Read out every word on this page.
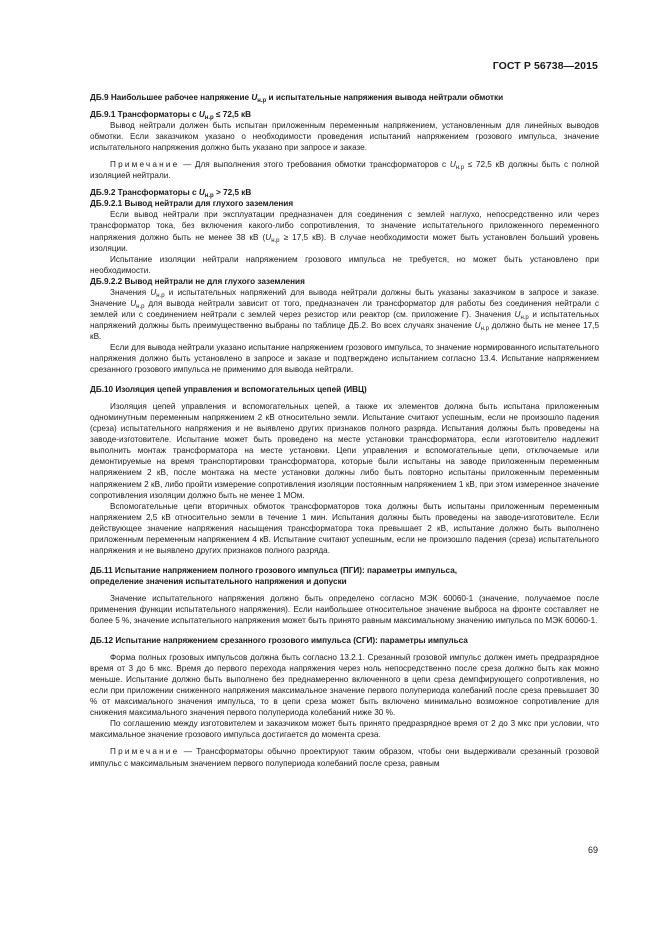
ГОСТ Р 56738—2015

ДБ.9 Наибольшее рабочее напряжение $U_{н.р}$ и испытательные напряжения вывода нейтрали обмотки

ДБ.9.1 Трансформаторы с $U_{н.р} \le 72,5$ кВ

Вывод нейтрали должен быть испытан приложенным переменным напряжением, установленным для линейных выводов обмотки. Если заказчиком указано о необходимости проведения испытаний напряжением грозового импульса, значение испытательного напряжения должно быть указано при запросе и заказе.

Примечание — Для выполнения этого требования обмотки трансформаторов с $U_{н.р} \le 72,5$ кВ должны быть с полной изоляцией нейтрали.

ДБ.9.2 Трансформаторы с $U_{н.р} > 72,5$ кВ

ДБ.9.2.1 Вывод нейтрали для глухого заземления

Если вывод нейтрали при эксплуатации предназначен для соединения с землей наглухо, непосредственно или через трансформатор тока, без включения какого-либо сопротивления, то значение испытательного приложенного переменного напряжения должно быть не менее 38 кВ ($U_{н.р} \ge 17,5$ кВ). В случае необходимости может быть установлен больший уровень изоляции.

Испытание изоляции нейтрали напряжением грозового импульса не требуется, но может быть установлено при необходимости.

ДБ.9.2.2 Вывод нейтрали не для глухого заземления

Значения $U_{н.р}$ и испытательных напряжений для вывода нейтрали должны быть указаны заказчиком в запросе и заказе. Значение $U_{н.р}$ для вывода нейтрали зависит от того, предназначен ли трансформатор для работы без соединения нейтрали с землей или с соединением нейтрали с землей через резистор или реактор (см. приложение Г). Значения $U_{н.р}$ и испытательных напряжений должны быть преимущественно выбраны по таблице ДБ.2. Во всех случаях значение $U_{н.р}$ должно быть не менее 17,5 кВ.

Если для вывода нейтрали указано испытание напряжением грозового импульса, то значение нормированного испытательного напряжения должно быть установлено в запросе и заказе и подтверждено испытанием согласно 13.4. Испытание напряжением срезанного грозового импульса не применимо для вывода нейтрали.

ДБ.10 Изоляция цепей управления и вспомогательных цепей (ИВЦ)

Изоляция цепей управления и вспомогательных цепей, а также их элементов должна быть испытана приложенным одноминутным переменным напряжением 2 кВ относительно земли. Испытание считают успешным, если не произошло падения (среза) испытательного напряжения и не выявлено других признаков полного разряда. Испытания должны быть проведены на заводе-изготовителе. Испытание может быть проведено на месте установки трансформатора, если изготовителю надлежит выполнить монтаж трансформатора на месте установки. Цепи управления и вспомогательные цепи, отключаемые или демонтируемые на время транспортировки трансформатора, которые были испытаны на заводе приложенным переменным напряжением 2 кВ, после монтажа на месте установки должны либо быть повторно испытаны приложенным переменным напряжением 2 кВ, либо пройти измерение сопротивления изоляции постоянным напряжением 1 кВ, при этом измеренное значение сопротивления изоляции должно быть не менее 1 МОм.

Вспомогательные цепи вторичных обмоток трансформаторов тока должны быть испытаны приложенным переменным напряжением 2,5 кВ относительно земли в течение 1 мин. Испытания должны быть проведены на заводе-изготовителе. Если действующее значение напряжения насыщения трансформатора тока превышает 2 кВ, испытание должно быть выполнено приложенным переменным напряжением 4 кВ. Испытание считают успешным, если не произошло падения (среза) испытательного напряжения и не выявлено других признаков полного разряда.

ДБ.11 Испытание напряжением полного грозового импульса (ПГИ): параметры импульса,

определение значения испытательного напряжения и допуски

Значение испытательного напряжения должно быть определено согласно МЭК 60060-1 (значение, получаемое после применения функции испытательного напряжения). Если наибольшее относительное значение выброса на фронте составляет не более 5 %, значение испытательного напряжения может быть принято равным максимальному значению импульса по МЭК 60060-1.

ДБ.12 Испытание напряжением срезанного грозового импульса (СГИ): параметры импульса

Форма полных грозовых импульсов должна быть согласно 13.2.1. Срезанный грозовой импульс должен иметь предразрядное время от 3 до 6 мкс. Время до первого перехода напряжения через ноль непосредственно после среза должно быть как можно меньше. Испытание должно быть выполнено без преднамеренно включенного в цепи среза демпфирующего сопротивления, но если при приложении сниженного напряжения максимальное значение первого полупериода колебаний после среза превышает 30 % от максимального значения импульса, то в цепи среза может быть включено минимально возможное сопротивление для снижения максимального значения первого полупериода колебаний ниже 30 %.

По соглашению между изготовителем и заказчиком может быть принято предразрядное время от 2 до 3 мкс при условии, что максимальное значение грозового импульса достигается до момента среза.

Примечание — Трансформаторы обычно проектируют таким образом, чтобы они выдерживали срезанный грозовой импульс с максимальным значением первого полупериода колебаний после среза, равным

69
